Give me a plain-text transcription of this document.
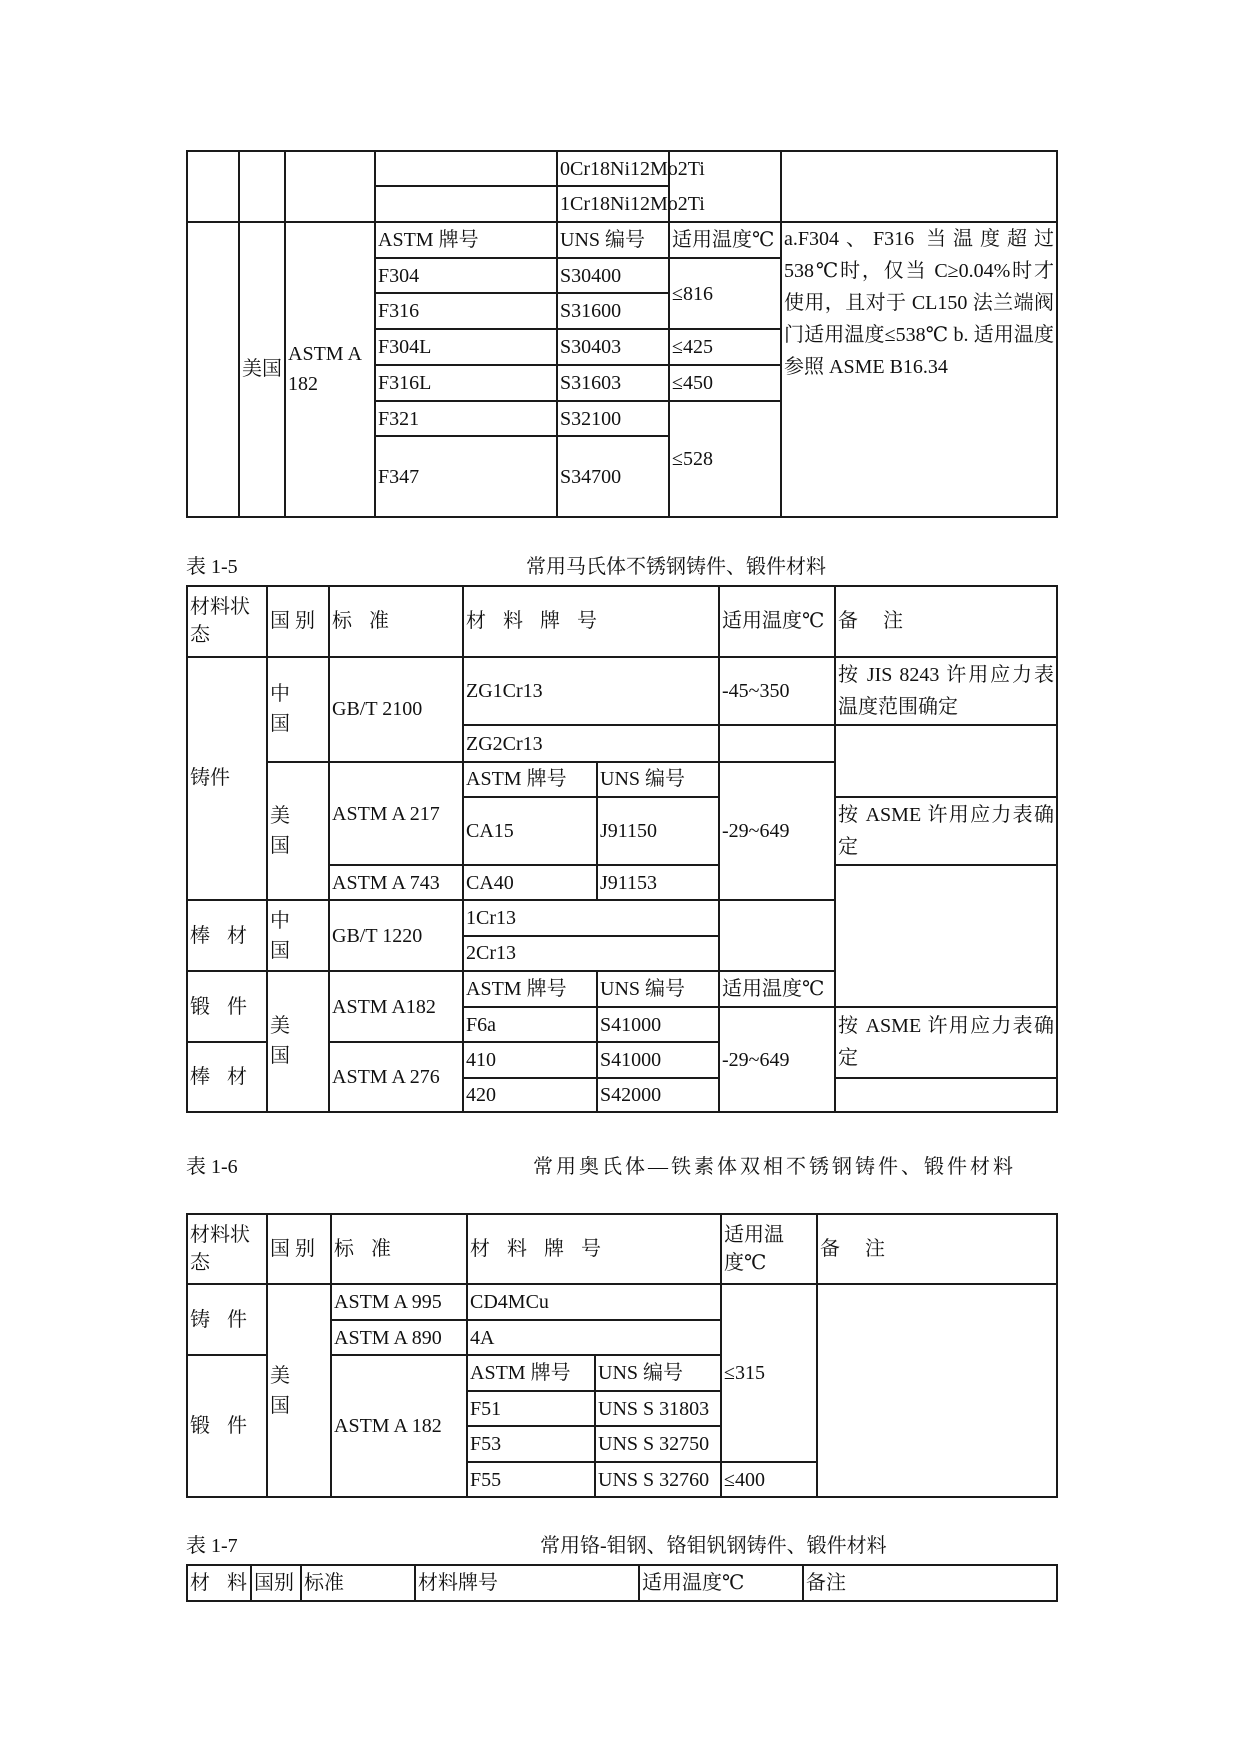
				0Cr18Ni12Mo2Ti		
				1Cr18Ni12Mo2Ti		
	美国	ASTM A 182	ASTM 牌号	UNS 编号	适用温度℃	a.F304、F316 当温度超过 538℃时，仅当 C≥0.04%时才使用，且对于 CL150 法兰端阀门适用温度≤538℃ b. 适用温度参照 ASME B16.34
			F304	S30400	≤816	
			F316	S31600		
			F304L	S30403	≤425	
			F316L	S31603	≤450	
			F321	S32100	≤528	
			F347	S34700		
表 1-5	常用马氏体不锈钢铸件、锻件材料
材料状态	国 别	标 准	材 料 牌 号		适用温度℃	备 注
铸件	中 国	GB/T 2100	ZG1Cr13		-45~350	按 JIS 8243 许用应力表温度范围确定
			ZG2Cr13			
	美 国	ASTM A 217	ASTM 牌号	UNS 编号	-29~649	
			CA15	J91150		按 ASME 许用应力表确定
		ASTM A 743	CA40	J91153		
棒 材	中 国	GB/T 1220	1Cr13			
			2Cr13			
锻 件	美 国	ASTM A182	ASTM 牌号	UNS 编号	适用温度℃	
			F6a	S41000	-29~649	按 ASME 许用应力表确定
棒 材		ASTM A 276	410	S41000		
			420	S42000		
表 1-6	常用奥氏体—铁素体双相不锈钢铸件、锻件材料
材料状态	国 别	标 准	材 料 牌 号		适用温度℃	备 注
铸 件	美 国	ASTM A 995	CD4MCu		≤315	
		ASTM A 890	4A			
锻 件		ASTM A 182	ASTM 牌号	UNS 编号		
			F51	UNS S 31803		
			F53	UNS S 32750		
			F55	UNS S 32760	≤400	
表 1-7	常用铬-钼钢、铬钼钒钢铸件、锻件材料
材 料	国别	标准	材料牌号	适用温度℃	备注
